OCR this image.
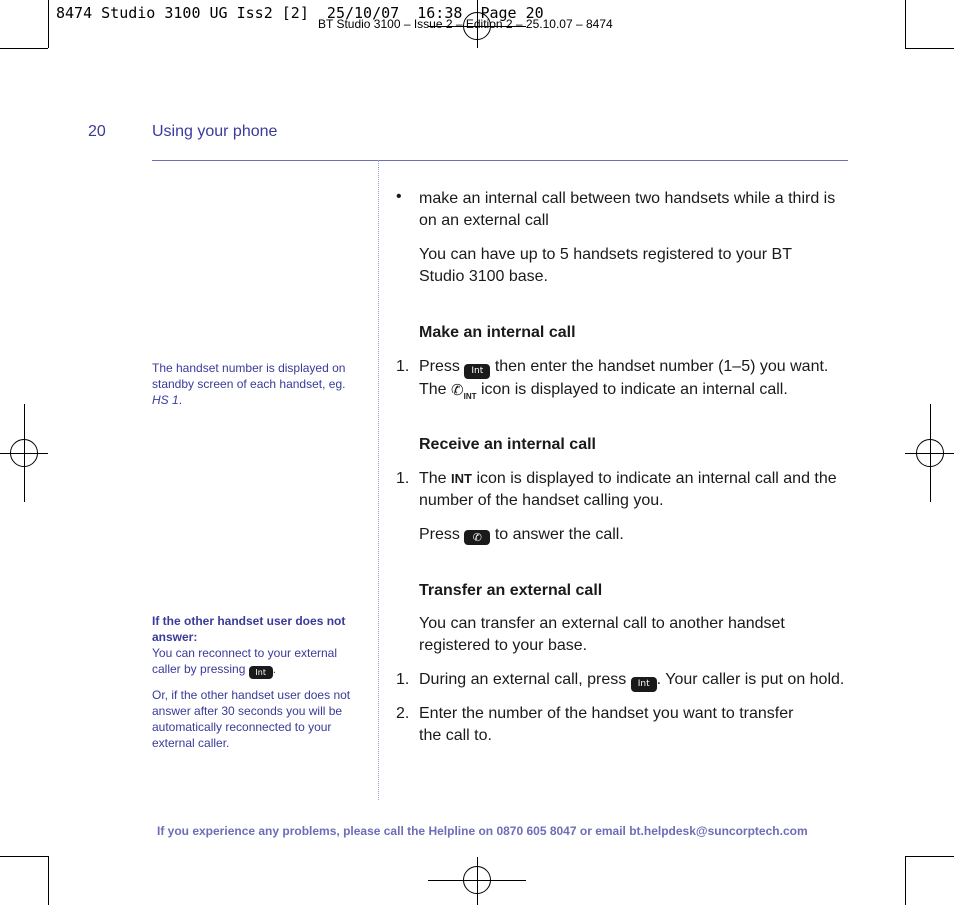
BT Studio 3100 – Issue 2 – Edition 2 – 25.10.07 – 8474
8474 Studio 3100 UG Iss2 [2]  25/10/07  16:38  Page 20
20	Using your phone
The handset number is displayed on standby screen of each handset, eg. HS 1.
If the other handset user does not answer:
You can reconnect to your external caller by pressing Int .
Or, if the other handset user does not answer after 30 seconds you will be automatically reconnected to your external caller.
• make an internal call between two handsets while a third is on an external call
You can have up to 5 handsets registered to your BT Studio 3100 base.
Make an internal call
1. Press Int then enter the handset number (1–5) you want.
The $✆_{INT}$ icon is displayed to indicate an internal call.
Receive an internal call
1. The INT icon is displayed to indicate an internal call and the number of the handset calling you.
Press ✆ to answer the call.
Transfer an external call
You can transfer an external call to another handset registered to your base.
1. During an external call, press Int . Your caller is put on hold.
2. Enter the number of the handset you want to transfer the call to.
If you experience any problems, please call the Helpline on 0870 605 8047 or email bt.helpdesk@suncorptech.com
